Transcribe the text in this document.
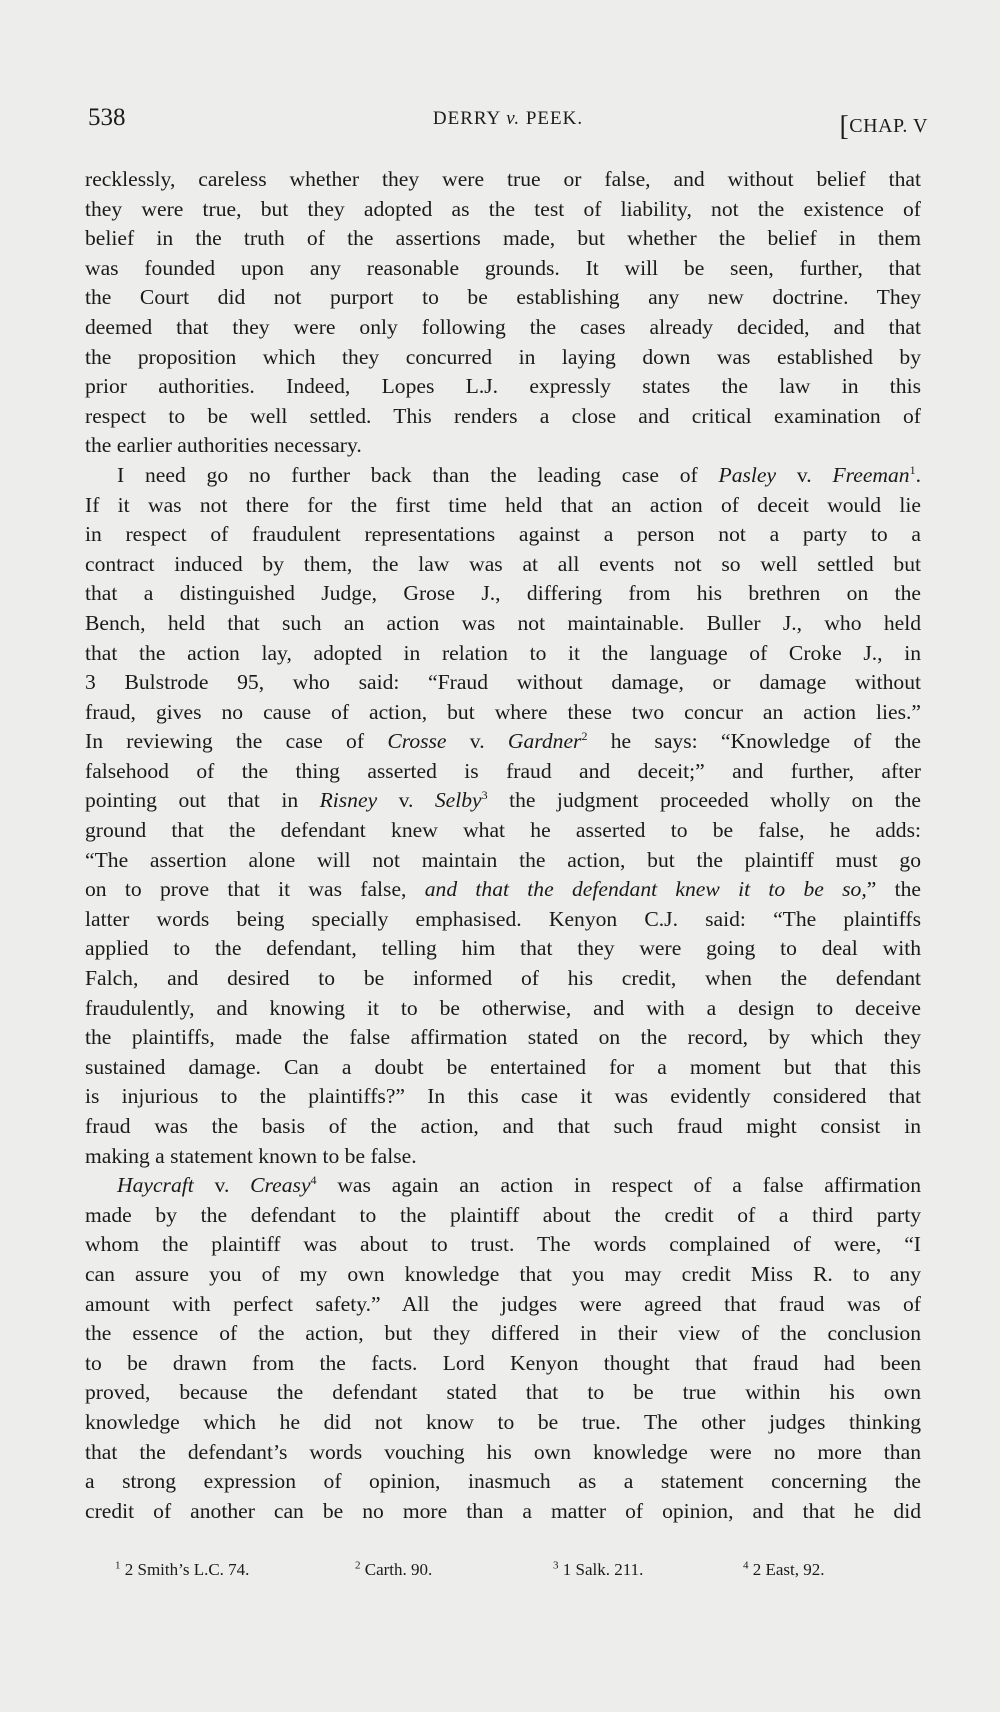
538	DERRY v. PEEK.	[CHAP. V
recklessly, careless whether they were true or false, and without belief that
they were true, but they adopted as the test of liability, not the existence of
belief in the truth of the assertions made, but whether the belief in them
was founded upon any reasonable grounds. It will be seen, further, that
the Court did not purport to be establishing any new doctrine. They
deemed that they were only following the cases already decided, and that
the proposition which they concurred in laying down was established by
prior authorities. Indeed, Lopes L.J. expressly states the law in this
respect to be well settled. This renders a close and critical examination of
the earlier authorities necessary.
I need go no further back than the leading case of Pasley v. Freeman$^1$.
If it was not there for the first time held that an action of deceit would lie
in respect of fraudulent representations against a person not a party to a
contract induced by them, the law was at all events not so well settled but
that a distinguished Judge, Grose J., differing from his brethren on the
Bench, held that such an action was not maintainable. Buller J., who held
that the action lay, adopted in relation to it the language of Croke J., in
3 Bulstrode 95, who said: “Fraud without damage, or damage without
fraud, gives no cause of action, but where these two concur an action lies.”
In reviewing the case of Crosse v. Gardner$^2$ he says: “Knowledge of the
falsehood of the thing asserted is fraud and deceit;” and further, after
pointing out that in Risney v. Selby$^3$ the judgment proceeded wholly on the
ground that the defendant knew what he asserted to be false, he adds:
“The assertion alone will not maintain the action, but the plaintiff must go
on to prove that it was false, and that the defendant knew it to be so,” the
latter words being specially emphasised. Kenyon C.J. said: “The plaintiffs
applied to the defendant, telling him that they were going to deal with
Falch, and desired to be informed of his credit, when the defendant
fraudulently, and knowing it to be otherwise, and with a design to deceive
the plaintiffs, made the false affirmation stated on the record, by which they
sustained damage. Can a doubt be entertained for a moment but that this
is injurious to the plaintiffs?” In this case it was evidently considered that
fraud was the basis of the action, and that such fraud might consist in
making a statement known to be false.
Haycraft v. Creasy$^4$ was again an action in respect of a false affirmation
made by the defendant to the plaintiff about the credit of a third party
whom the plaintiff was about to trust. The words complained of were, “I
can assure you of my own knowledge that you may credit Miss R. to any
amount with perfect safety.” All the judges were agreed that fraud was of
the essence of the action, but they differed in their view of the conclusion
to be drawn from the facts. Lord Kenyon thought that fraud had been
proved, because the defendant stated that to be true within his own
knowledge which he did not know to be true. The other judges thinking
that the defendant’s words vouching his own knowledge were no more than
a strong expression of opinion, inasmuch as a statement concerning the
credit of another can be no more than a matter of opinion, and that he did
$^1$ 2 Smith’s L.C. 74.	$^2$ Carth. 90.	$^3$ 1 Salk. 211.	$^4$ 2 East, 92.
